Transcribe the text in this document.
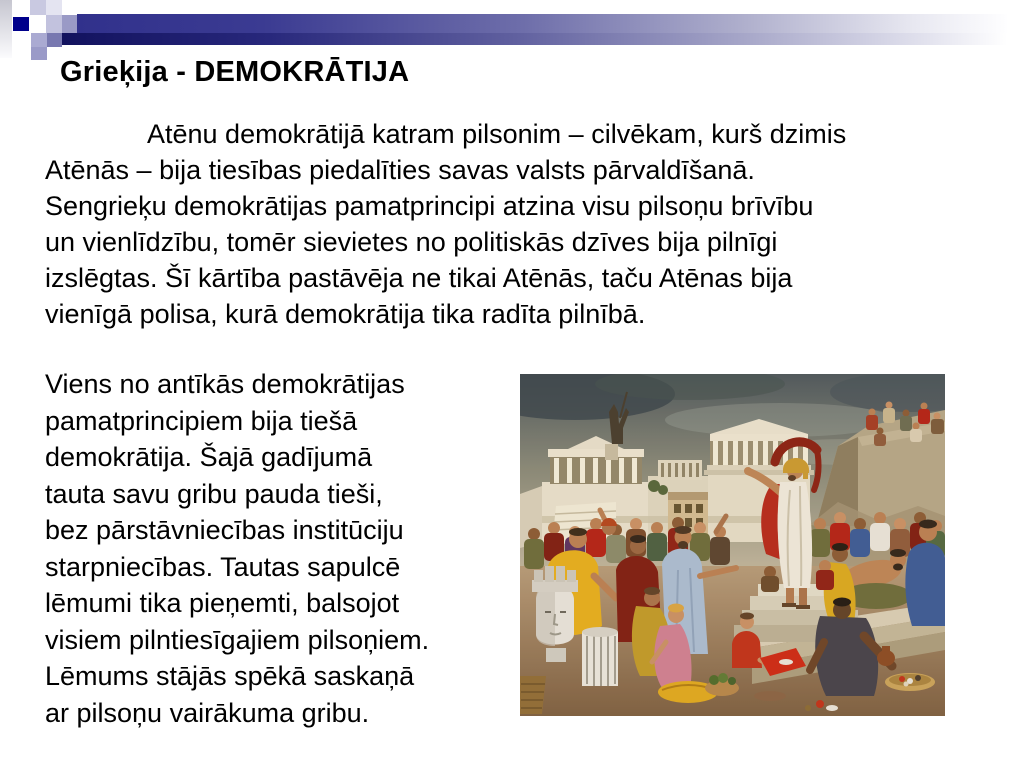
Grieķija - DEMOKRĀTIJA
Atēnu demokrātijā katram pilsonim – cilvēkam, kurš dzimis
Atēnās – bija tiesības piedalīties savas valsts pārvaldīšanā.
Sengrieķu demokrātijas pamatprincipi atzina visu pilsoņu brīvību
un vienlīdzību, tomēr sievietes no politiskās dzīves bija pilnīgi
izslēgtas. Šī kārtība pastāvēja ne tikai Atēnās, taču Atēnas bija
vienīgā polisa, kurā demokrātija tika radīta pilnībā.
Viens no antīkās demokrātijas
pamatprincipiem bija tiešā
demokrātija. Šajā gadījumā
tauta savu gribu pauda tieši,
bez pārstāvniecības institūciju
starpniecības. Tautas sapulcē
lēmumi tika pieņemti, balsojot
visiem pilntiesīgajiem pilsoņiem.
Lēmums stājās spēkā saskaņā
ar pilsoņu vairākuma gribu.
